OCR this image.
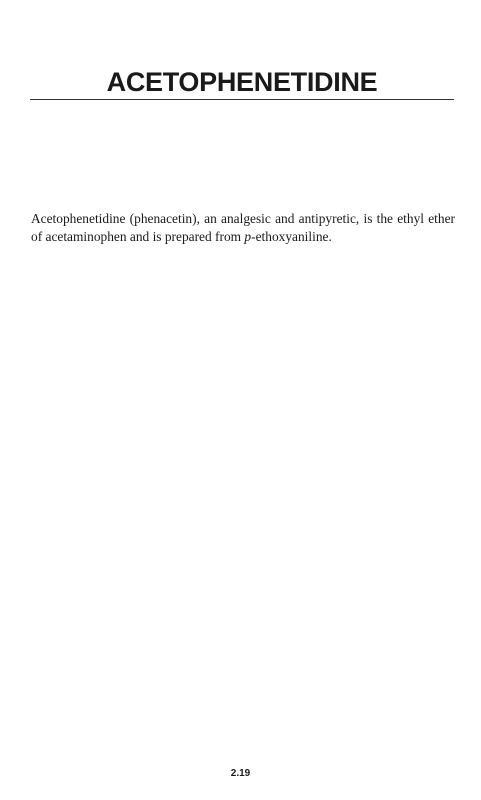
ACETOPHENETIDINE

Acetophenetidine (phenacetin), an analgesic and antipyretic, is the ethyl ether of acetaminophen and is prepared from p-ethoxyaniline.

2.19
